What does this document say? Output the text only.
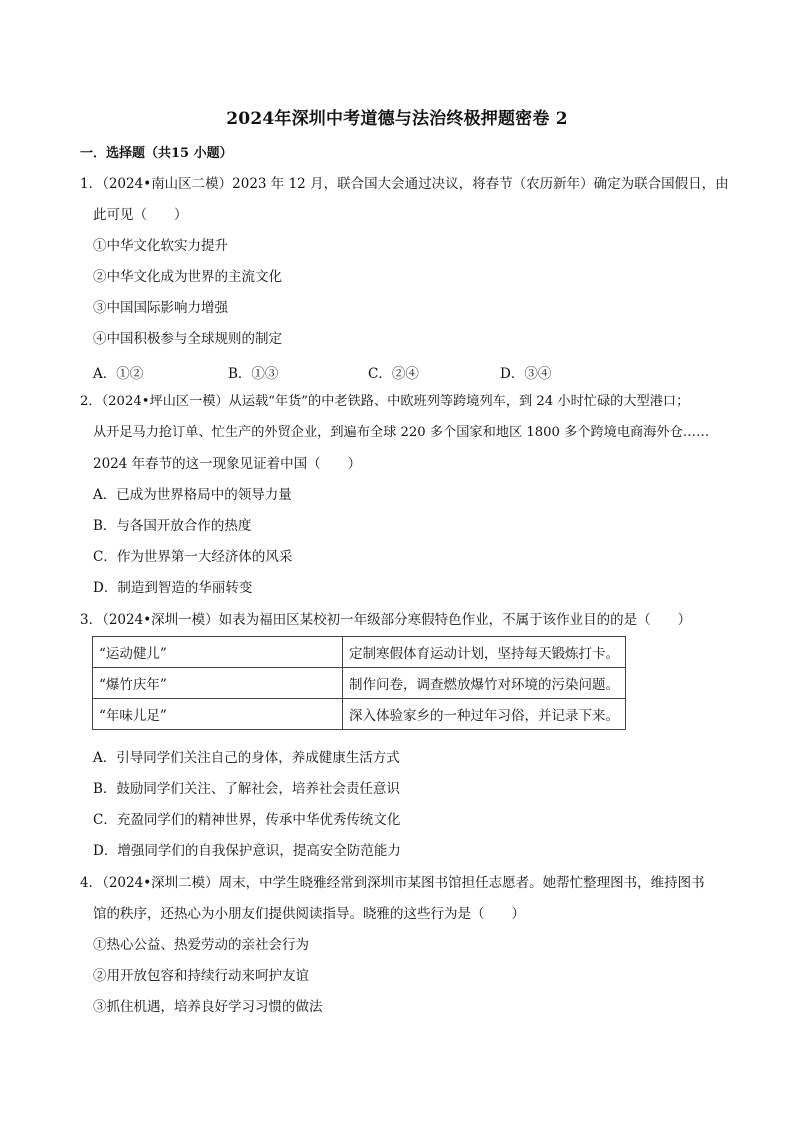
2024年深圳中考道德与法治终极押题密卷 2
一．选择题（共15 小题）
1．（2024•南山区二模）2023 年 12 月，联合国大会通过决议，将春节（农历新年）确定为联合国假日，由
此可见（　　）
①中华文化软实力提升
②中华文化成为世界的主流文化
③中国国际影响力增强
④中国积极参与全球规则的制定
A．①②	B．①③	C．②④	D．③④
2．（2024•坪山区一模）从运载“年货”的中老铁路、中欧班列等跨境列车，到 24 小时忙碌的大型港口；
从开足马力抢订单、忙生产的外贸企业，到遍布全球 220 多个国家和地区 1800 多个跨境电商海外仓……
2024 年春节的这一现象见证着中国（　　）
A．已成为世界格局中的领导力量
B．与各国开放合作的热度
C．作为世界第一大经济体的风采
D．制造到智造的华丽转变
3．（2024•深圳一模）如表为福田区某校初一年级部分寒假特色作业，不属于该作业目的的是（　　）
“运动健儿”	定制寒假体育运动计划，坚持每天锻炼打卡。
“爆竹庆年”	制作问卷，调查燃放爆竹对环境的污染问题。
“年味儿足”	深入体验家乡的一种过年习俗，并记录下来。
A．引导同学们关注自己的身体，养成健康生活方式
B．鼓励同学们关注、了解社会，培养社会责任意识
C．充盈同学们的精神世界，传承中华优秀传统文化
D．增强同学们的自我保护意识，提高安全防范能力
4．（2024•深圳二模）周末，中学生晓雅经常到深圳市某图书馆担任志愿者。她帮忙整理图书，维持图书
馆的秩序，还热心为小朋友们提供阅读指导。晓雅的这些行为是（　　）
①热心公益、热爱劳动的亲社会行为
②用开放包容和持续行动来呵护友谊
③抓住机遇，培养良好学习习惯的做法
